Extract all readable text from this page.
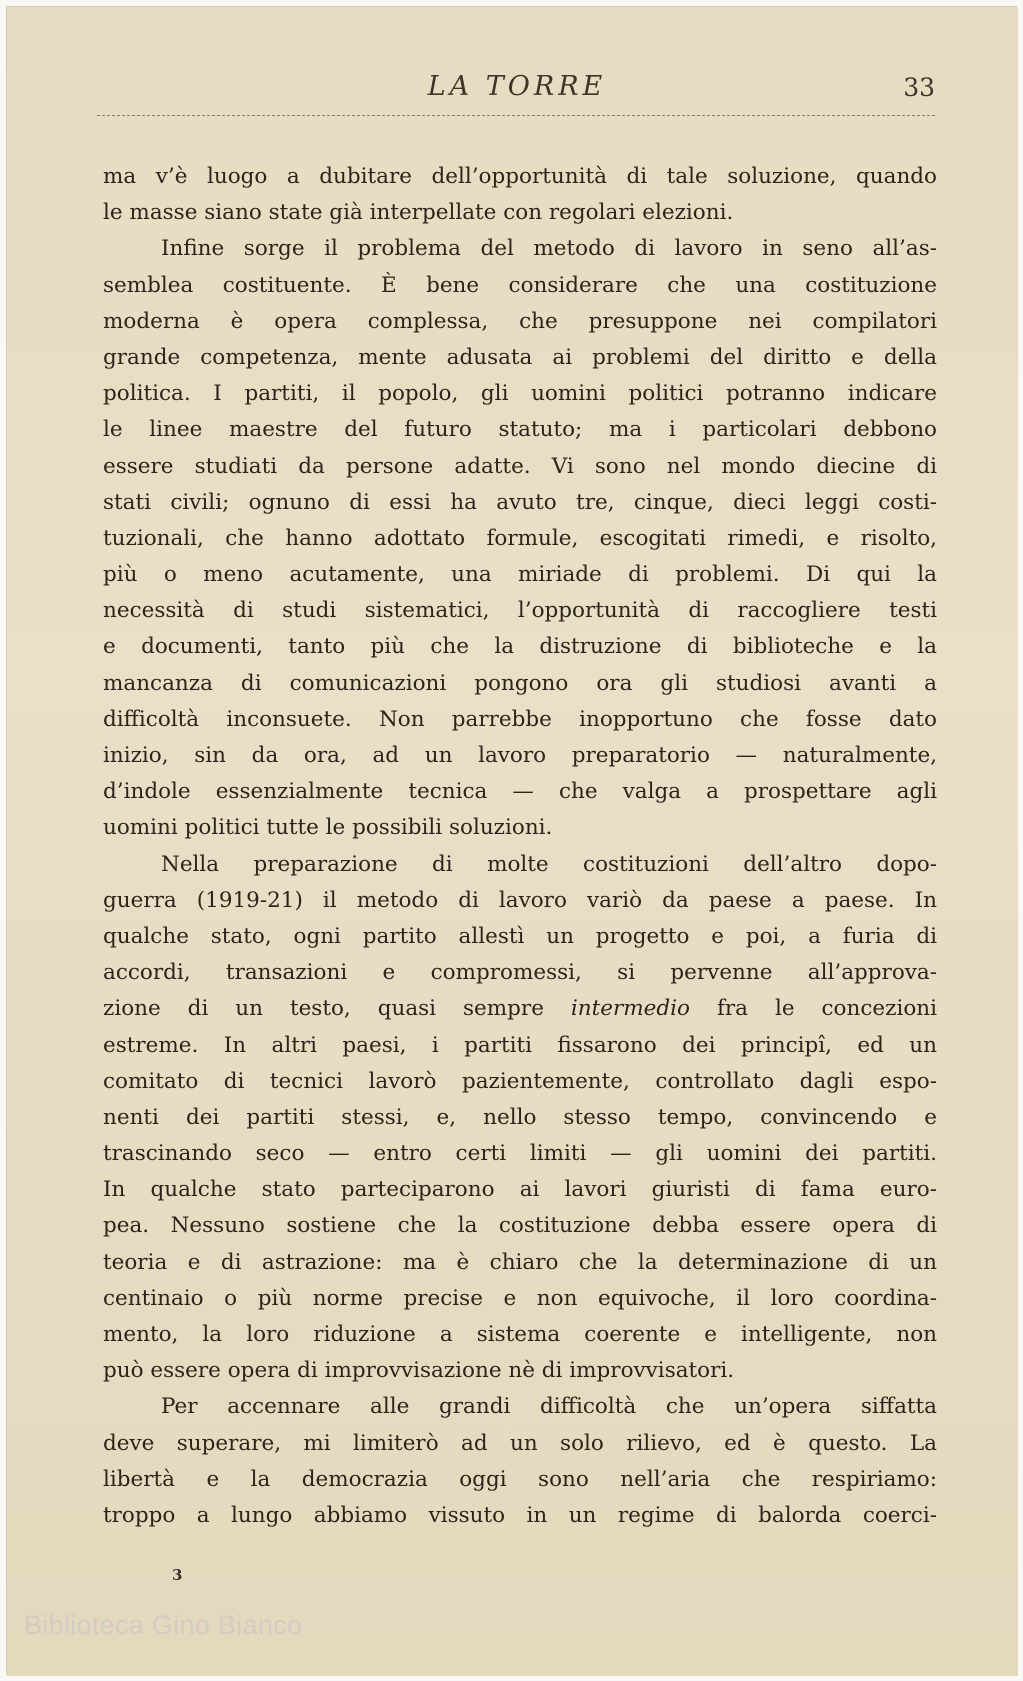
LA TORRE	33
ma v’è luogo a dubitare dell’opportunità di tale soluzione, quando
le masse siano state già interpellate con regolari elezioni.
Infine sorge il problema del metodo di lavoro in seno all’as-
semblea costituente. È bene considerare che una costituzione
moderna è opera complessa, che presuppone nei compilatori
grande competenza, mente adusata ai problemi del diritto e della
politica. I partiti, il popolo, gli uomini politici potranno indicare
le linee maestre del futuro statuto; ma i particolari debbono
essere studiati da persone adatte. Vi sono nel mondo diecine di
stati civili; ognuno di essi ha avuto tre, cinque, dieci leggi costi-
tuzionali, che hanno adottato formule, escogitati rimedi, e risolto,
più o meno acutamente, una miriade di problemi. Di qui la
necessità di studi sistematici, l’opportunità di raccogliere testi
e documenti, tanto più che la distruzione di biblioteche e la
mancanza di comunicazioni pongono ora gli studiosi avanti a
difficoltà inconsuete. Non parrebbe inopportuno che fosse dato
inizio, sin da ora, ad un lavoro preparatorio — naturalmente,
d’indole essenzialmente tecnica — che valga a prospettare agli
uomini politici tutte le possibili soluzioni.
Nella preparazione di molte costituzioni dell’altro dopo-
guerra (1919-21) il metodo di lavoro variò da paese a paese. In
qualche stato, ogni partito allestì un progetto e poi, a furia di
accordi, transazioni e compromessi, si pervenne all’approva-
zione di un testo, quasi sempre intermedio fra le concezioni
estreme. In altri paesi, i partiti fissarono dei principî, ed un
comitato di tecnici lavorò pazientemente, controllato dagli espo-
nenti dei partiti stessi, e, nello stesso tempo, convincendo e
trascinando seco — entro certi limiti — gli uomini dei partiti.
In qualche stato parteciparono ai lavori giuristi di fama euro-
pea. Nessuno sostiene che la costituzione debba essere opera di
teoria e di astrazione: ma è chiaro che la determinazione di un
centinaio o più norme precise e non equivoche, il loro coordina-
mento, la loro riduzione a sistema coerente e intelligente, non
può essere opera di improvvisazione nè di improvvisatori.
Per accennare alle grandi difficoltà che un’opera siffatta
deve superare, mi limiterò ad un solo rilievo, ed è questo. La
libertà e la democrazia oggi sono nell’aria che respiriamo:
troppo a lungo abbiamo vissuto in un regime di balorda coerci-
3
Biblioteca Gino Bianco
